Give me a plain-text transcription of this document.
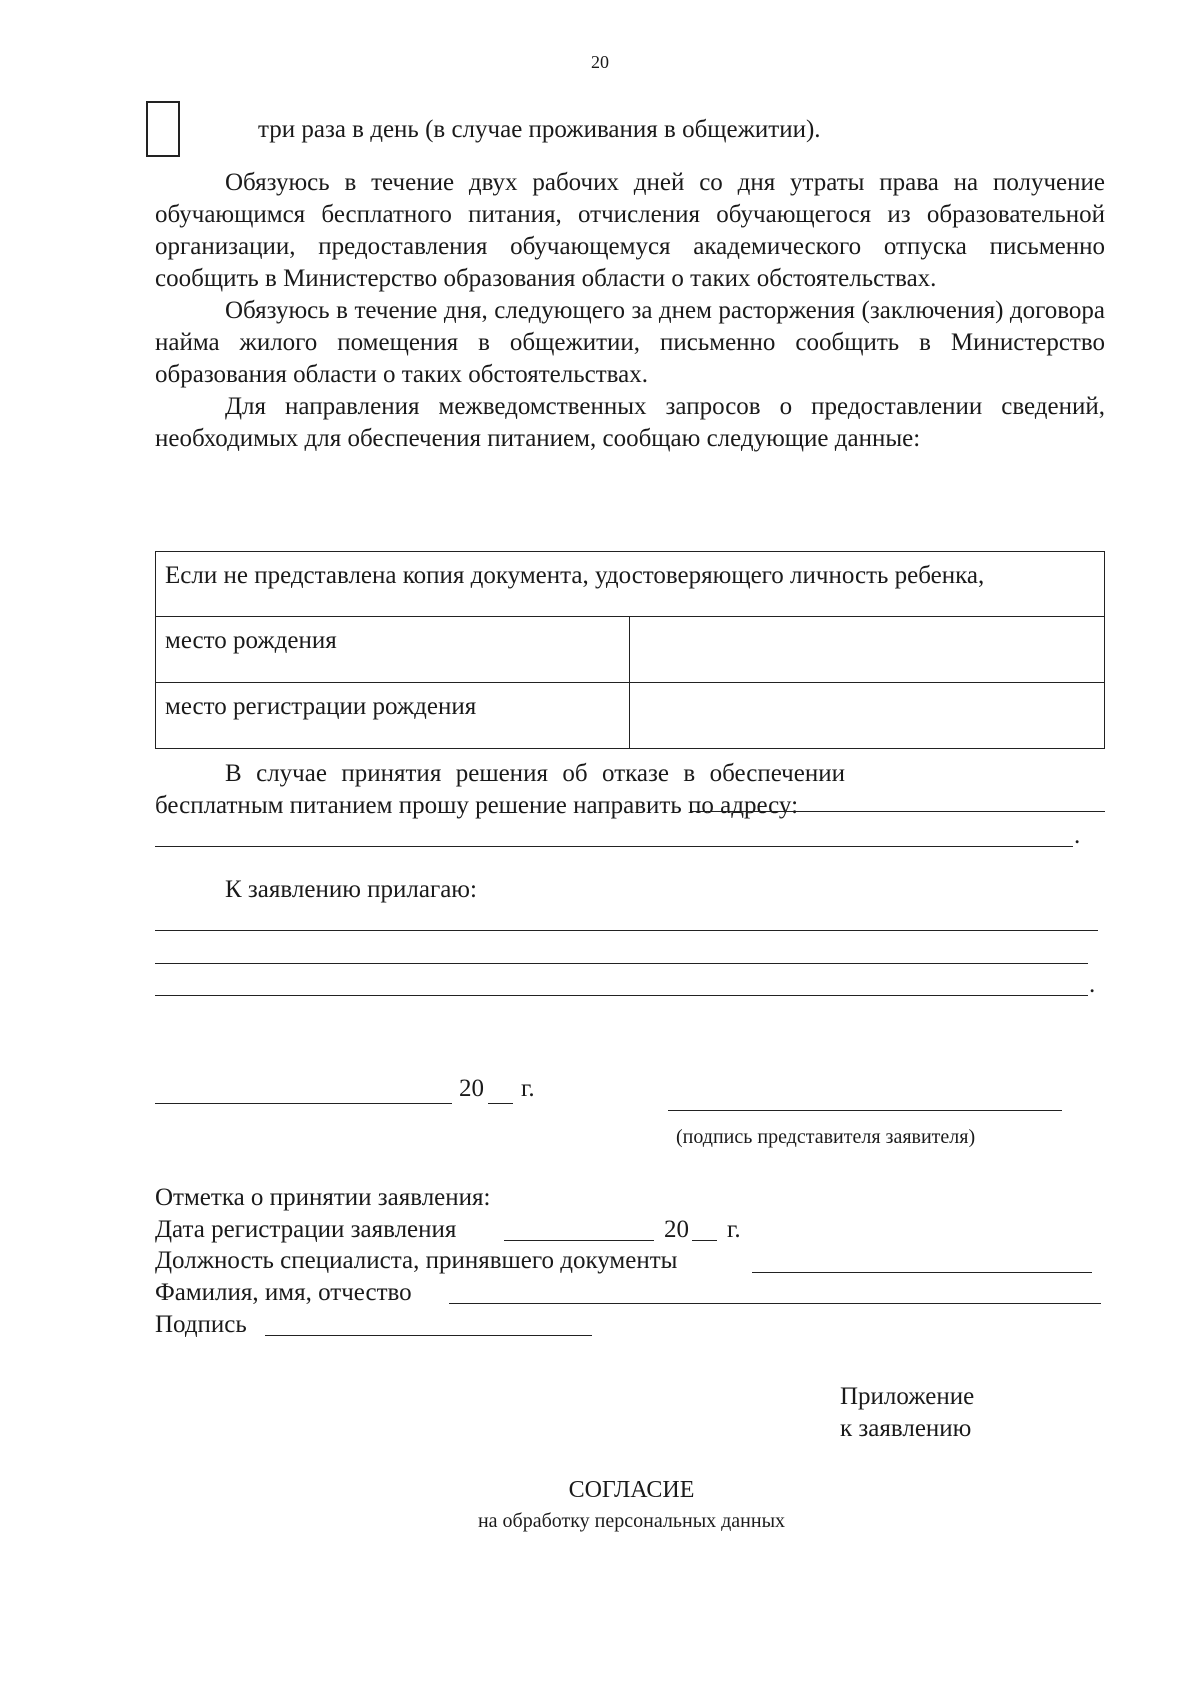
20
три раза в день (в случае проживания в общежитии).

Обязуюсь в течение двух рабочих дней со дня утраты права на получение обучающимся бесплатного питания, отчисления обучающегося из образовательной организации, предоставления обучающемуся академического отпуска письменно сообщить в Министерство образования области о таких обстоятельствах.

Обязуюсь в течение дня, следующего за днем расторжения (заключения) договора найма жилого помещения в общежитии, письменно сообщить в Министерство образования области о таких обстоятельствах.

Для направления межведомственных запросов о предоставлении сведений, необходимых для обеспечения питанием, сообщаю следующие данные:

Если не представлена копия документа, удостоверяющего личность ребенка,	
место рождения	
место регистрации рождения	

В случае принятия решения об отказе в обеспечении бесплатным питанием прошу решение направить по адресу:

.
К заявлению прилагаю:
.
20 г.
(подпись представителя заявителя)
Отметка о принятии заявления:
Дата регистрации заявления	20 г.
Должность специалиста, принявшего документы
Фамилия, имя, отчество
Подпись
Приложение
к заявлению
СОГЛАСИЕ
на обработку персональных данных
